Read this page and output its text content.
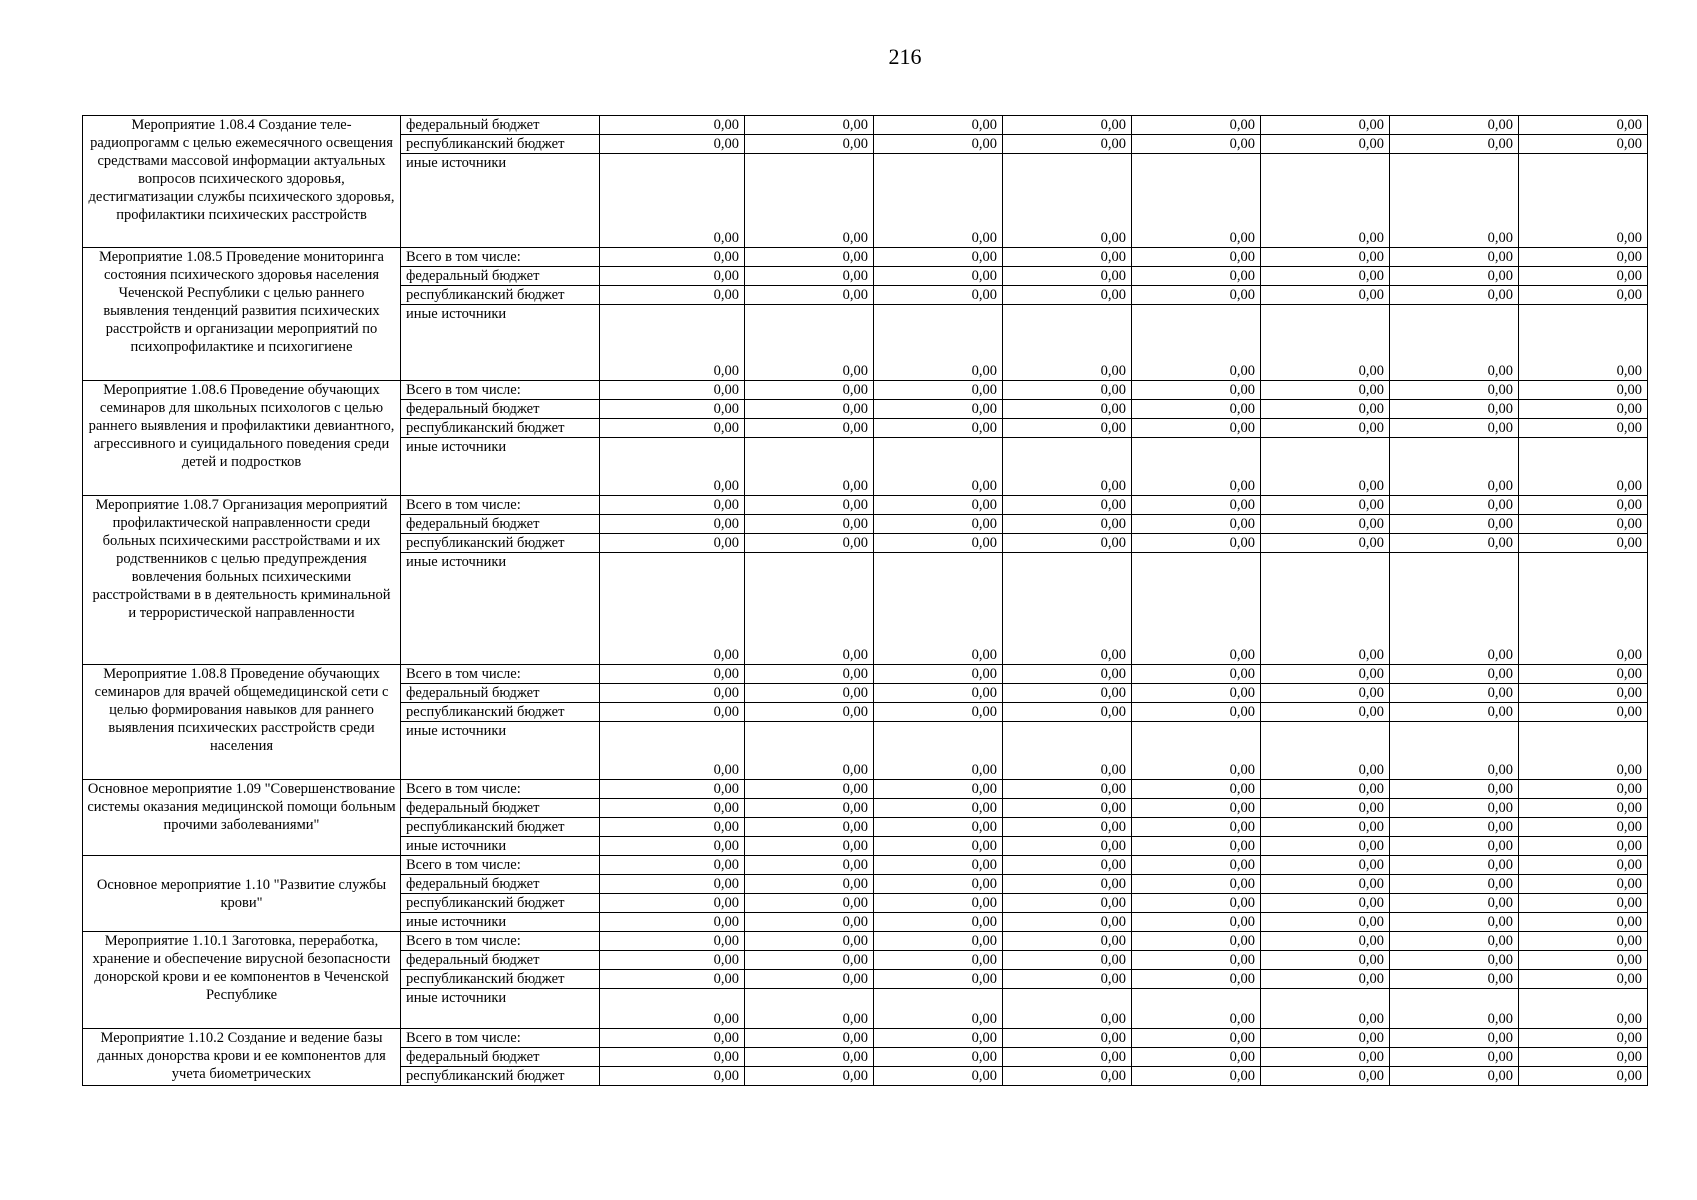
216
Мероприятие 1.08.4 Создание теле-радиопрогамм с целью ежемесячного освещения средствами массовой информации актуальных вопросов психического здоровья, дестигматизации службы психического здоровья, профилактики психических расстройств	федеральный бюджет	0,00	0,00	0,00	0,00	0,00	0,00	0,00	0,00
	республиканский бюджет	0,00	0,00	0,00	0,00	0,00	0,00	0,00	0,00
	иные источники	0,00	0,00	0,00	0,00	0,00	0,00	0,00	0,00
Мероприятие 1.08.5 Проведение мониторинга состояния психического здоровья населения Чеченской Республики с целью раннего выявления тенденций развития психических расстройств и организации мероприятий по психопрофилактике и психогигиене	Всего в том числе:	0,00	0,00	0,00	0,00	0,00	0,00	0,00	0,00
	федеральный бюджет	0,00	0,00	0,00	0,00	0,00	0,00	0,00	0,00
	республиканский бюджет	0,00	0,00	0,00	0,00	0,00	0,00	0,00	0,00
	иные источники	0,00	0,00	0,00	0,00	0,00	0,00	0,00	0,00
Мероприятие 1.08.6 Проведение обучающих семинаров для школьных психологов с целью раннего выявления и профилактики девиантного, агрессивного и суицидального поведения среди детей и подростков	Всего в том числе:	0,00	0,00	0,00	0,00	0,00	0,00	0,00	0,00
	федеральный бюджет	0,00	0,00	0,00	0,00	0,00	0,00	0,00	0,00
	республиканский бюджет	0,00	0,00	0,00	0,00	0,00	0,00	0,00	0,00
	иные источники	0,00	0,00	0,00	0,00	0,00	0,00	0,00	0,00
Мероприятие 1.08.7 Организация мероприятий профилактической направленности среди больных психическими расстройствами и их родственников с целью предупреждения вовлечения больных психическими расстройствами в в деятельность криминальной и террористической направленности	Всего в том числе:	0,00	0,00	0,00	0,00	0,00	0,00	0,00	0,00
	федеральный бюджет	0,00	0,00	0,00	0,00	0,00	0,00	0,00	0,00
	республиканский бюджет	0,00	0,00	0,00	0,00	0,00	0,00	0,00	0,00
	иные источники	0,00	0,00	0,00	0,00	0,00	0,00	0,00	0,00
Мероприятие 1.08.8 Проведение обучающих семинаров для врачей общемедицинской сети с целью формирования навыков для раннего выявления психических расстройств среди населения	Всего в том числе:	0,00	0,00	0,00	0,00	0,00	0,00	0,00	0,00
	федеральный бюджет	0,00	0,00	0,00	0,00	0,00	0,00	0,00	0,00
	республиканский бюджет	0,00	0,00	0,00	0,00	0,00	0,00	0,00	0,00
	иные источники	0,00	0,00	0,00	0,00	0,00	0,00	0,00	0,00
Основное мероприятие 1.09 "Совершенствование системы оказания медицинской помощи больным прочими заболеваниями"	Всего в том числе:	0,00	0,00	0,00	0,00	0,00	0,00	0,00	0,00
	федеральный бюджет	0,00	0,00	0,00	0,00	0,00	0,00	0,00	0,00
	республиканский бюджет	0,00	0,00	0,00	0,00	0,00	0,00	0,00	0,00
	иные источники	0,00	0,00	0,00	0,00	0,00	0,00	0,00	0,00
Основное мероприятие 1.10 "Развитие службы крови"	Всего в том числе:	0,00	0,00	0,00	0,00	0,00	0,00	0,00	0,00
	федеральный бюджет	0,00	0,00	0,00	0,00	0,00	0,00	0,00	0,00
	республиканский бюджет	0,00	0,00	0,00	0,00	0,00	0,00	0,00	0,00
	иные источники	0,00	0,00	0,00	0,00	0,00	0,00	0,00	0,00
Мероприятие 1.10.1 Заготовка, переработка, хранение и обеспечение вирусной безопасности донорской крови и ее компонентов в Чеченской Республике	Всего в том числе:	0,00	0,00	0,00	0,00	0,00	0,00	0,00	0,00
	федеральный бюджет	0,00	0,00	0,00	0,00	0,00	0,00	0,00	0,00
	республиканский бюджет	0,00	0,00	0,00	0,00	0,00	0,00	0,00	0,00
	иные источники	0,00	0,00	0,00	0,00	0,00	0,00	0,00	0,00
Мероприятие 1.10.2 Создание и ведение базы данных донорства крови и ее компонентов для учета биометрических	Всего в том числе:	0,00	0,00	0,00	0,00	0,00	0,00	0,00	0,00
	федеральный бюджет	0,00	0,00	0,00	0,00	0,00	0,00	0,00	0,00
	республиканский бюджет	0,00	0,00	0,00	0,00	0,00	0,00	0,00	0,00
